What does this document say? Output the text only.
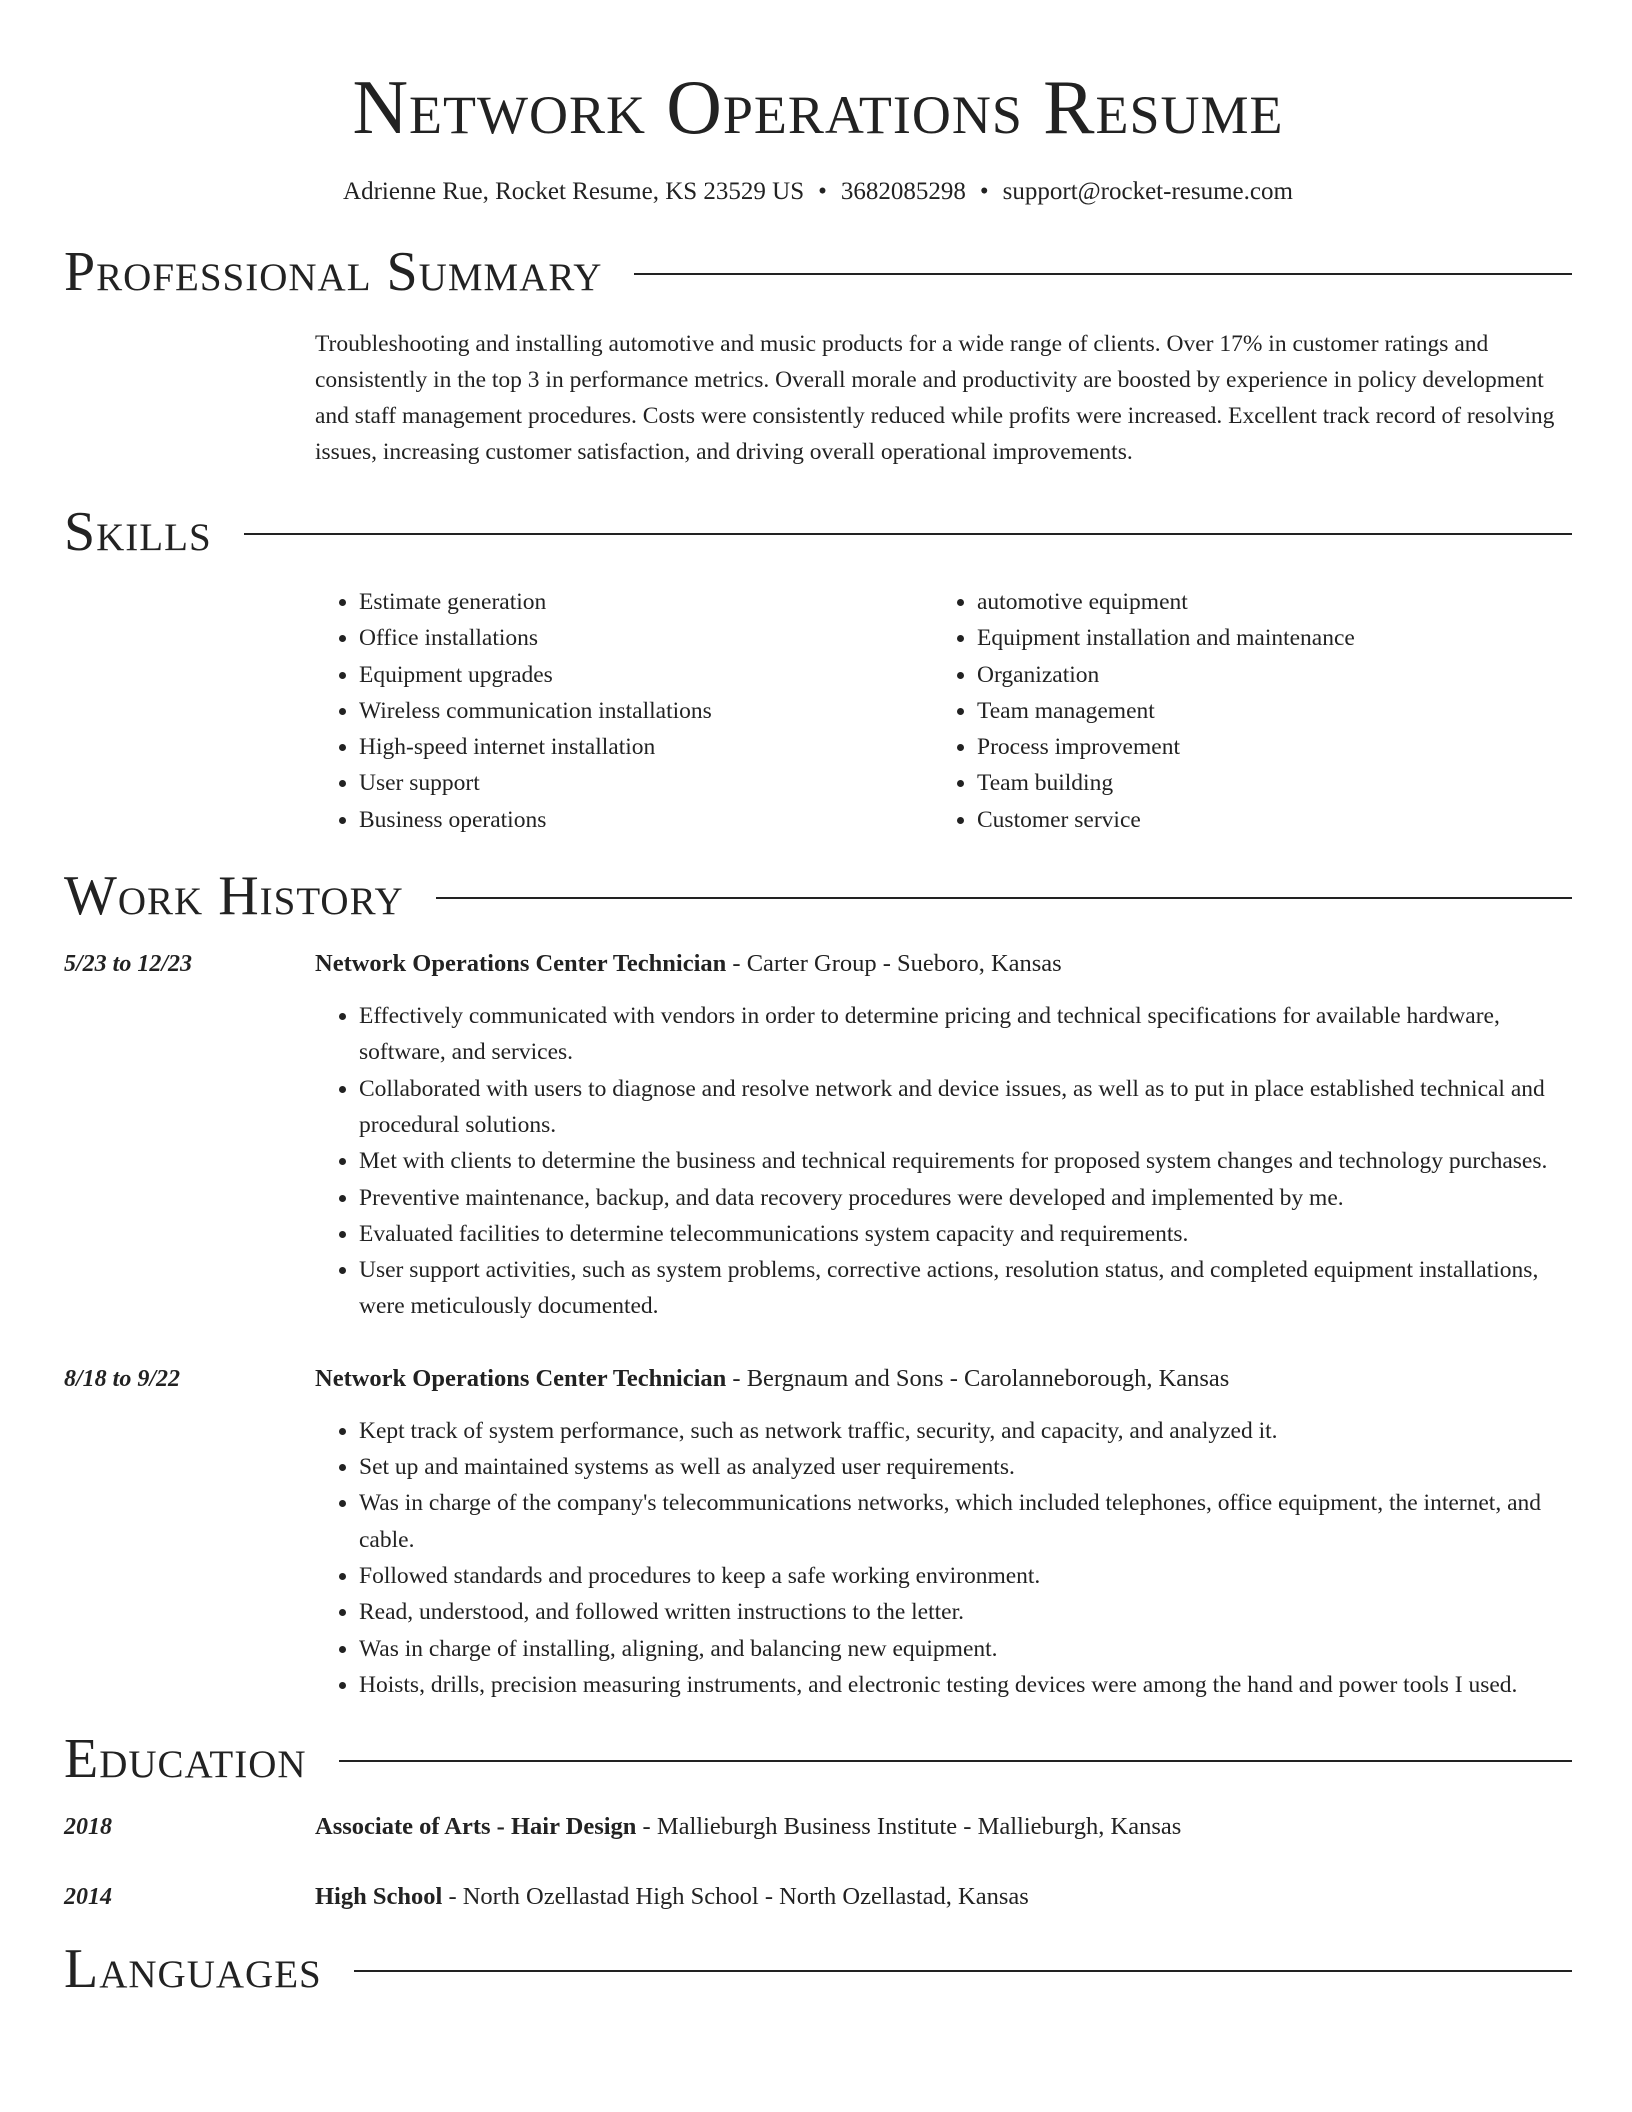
Network Operations Resume
Adrienne Rue, Rocket Resume, KS 23529 US • 3682085298 • support@rocket-resume.com
Professional Summary
Troubleshooting and installing automotive and music products for a wide range of clients. Over 17% in customer ratings and consistently in the top 3 in performance metrics. Overall morale and productivity are boosted by experience in policy development and staff management procedures. Costs were consistently reduced while profits were increased. Excellent track record of resolving issues, increasing customer satisfaction, and driving overall operational improvements.
Skills
• Estimate generation
• Office installations
• Equipment upgrades
• Wireless communication installations
• High-speed internet installation
• User support
• Business operations
• automotive equipment
• Equipment installation and maintenance
• Organization
• Team management
• Process improvement
• Team building
• Customer service
Work History
5/23 to 12/23	Network Operations Center Technician - Carter Group - Sueboro, Kansas
• Effectively communicated with vendors in order to determine pricing and technical specifications for available hardware, software, and services.
• Collaborated with users to diagnose and resolve network and device issues, as well as to put in place established technical and procedural solutions.
• Met with clients to determine the business and technical requirements for proposed system changes and technology purchases.
• Preventive maintenance, backup, and data recovery procedures were developed and implemented by me.
• Evaluated facilities to determine telecommunications system capacity and requirements.
• User support activities, such as system problems, corrective actions, resolution status, and completed equipment installations, were meticulously documented.
8/18 to 9/22	Network Operations Center Technician - Bergnaum and Sons - Carolanneborough, Kansas
• Kept track of system performance, such as network traffic, security, and capacity, and analyzed it.
• Set up and maintained systems as well as analyzed user requirements.
• Was in charge of the company's telecommunications networks, which included telephones, office equipment, the internet, and cable.
• Followed standards and procedures to keep a safe working environment.
• Read, understood, and followed written instructions to the letter.
• Was in charge of installing, aligning, and balancing new equipment.
• Hoists, drills, precision measuring instruments, and electronic testing devices were among the hand and power tools I used.
Education
2018	Associate of Arts - Hair Design - Mallieburgh Business Institute - Mallieburgh, Kansas
2014	High School - North Ozellastad High School - North Ozellastad, Kansas
Languages
